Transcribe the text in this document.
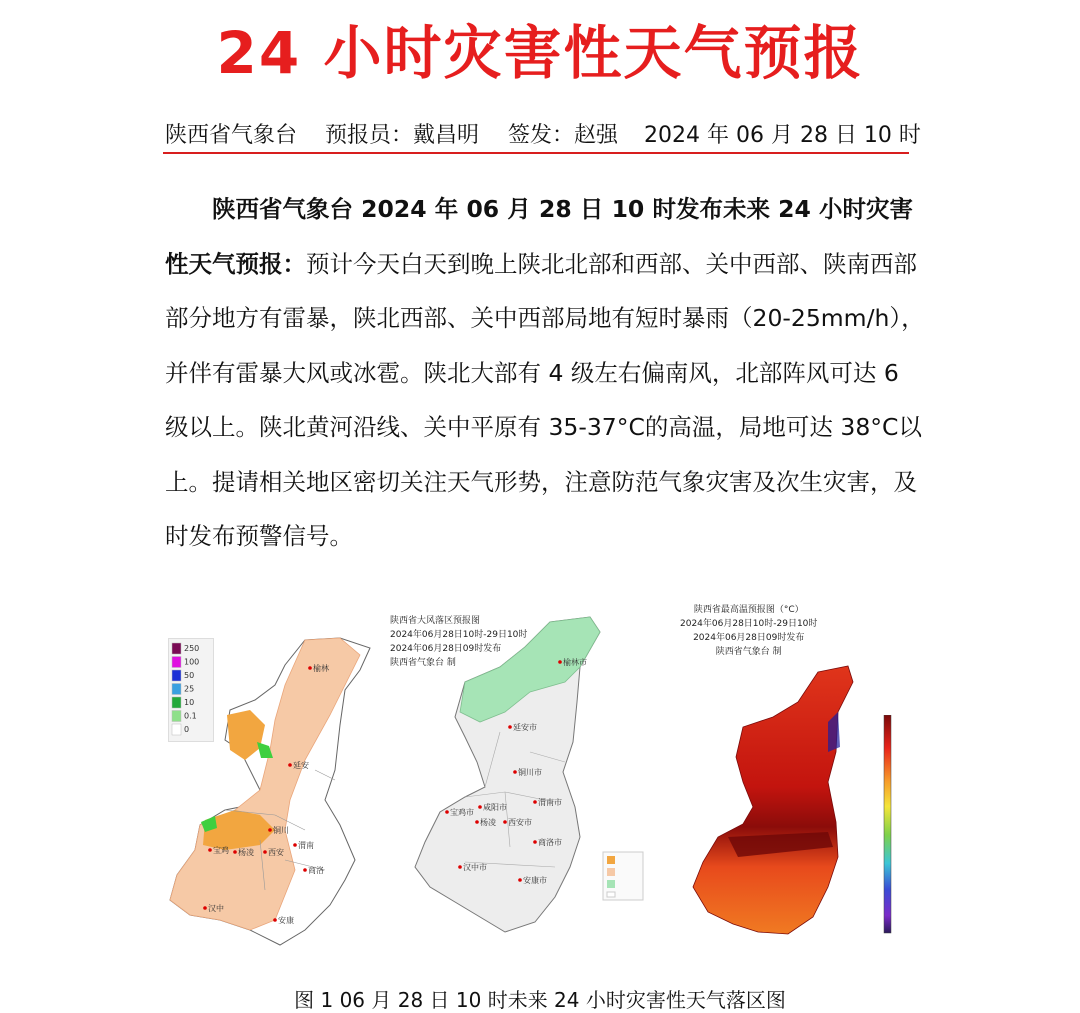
24 小时灾害性天气预报
陕西省气象台 预报员：戴昌明 签发：赵强 2024 年 06 月 28 日 10 时

陕西省气象台 2024 年 06 月 28 日 10 时发布未来 24 小时灾害性天气预报：预计今天白天到晚上陕北北部和西部、关中西部、陕南西部部分地方有雷暴，陕北西部、关中西部局地有短时暴雨（20-25mm/h），并伴有雷暴大风或冰雹。陕北大部有 4 级左右偏南风，北部阵风可达 6 级以上。陕北黄河沿线、关中平原有 35-37°C的高温，局地可达 38°C以上。提请相关地区密切关注天气形势，注意防范气象灾害及次生灾害，及时发布预警信号。

250
100
50
25
10
0.1
0
榆林
延安
宝鸡 杨凌 西安
渭南
铜川
商洛
汉中
安康
陕西省大风落区预报图
2024年06月28日10时-29日10时
2024年06月28日09时发布
陕西省气象台 制	榆林市
延安市
铜川市
宝鸡市
咸阳市
渭南市
杨凌 西安市
商洛市
汉中市
安康市
陕西省最高温预报图（°C）
2024年06月28日10时-29日10时
2024年06月28日09时发布
陕西省气象台 制
图 1 06 月 28 日 10 时未来 24 小时灾害性天气落区图
